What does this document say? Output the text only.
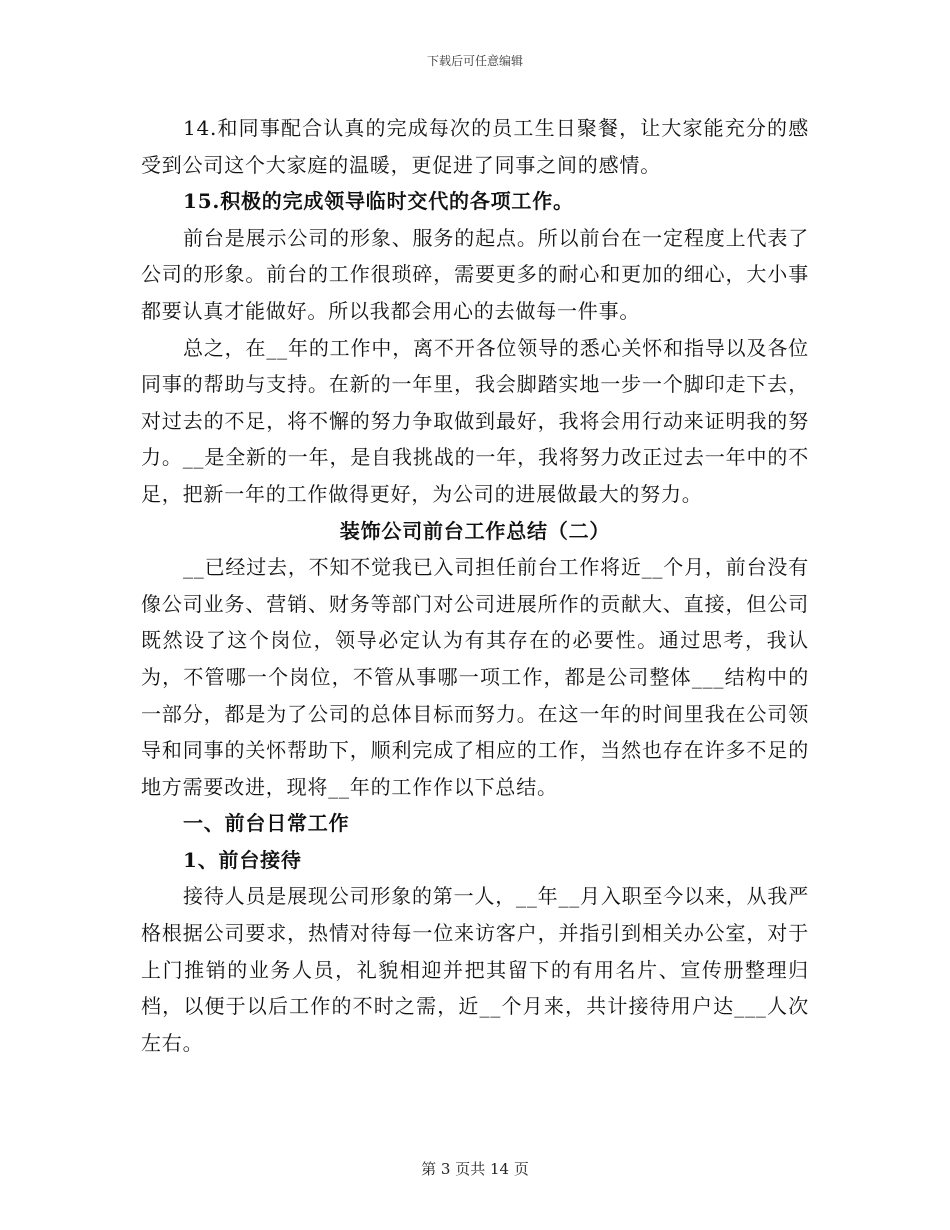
下载后可任意编辑

14.和同事配合认真的完成每次的员工生日聚餐，让大家能充分的感受到公司这个大家庭的温暖，更促进了同事之间的感情。

15.积极的完成领导临时交代的各项工作。

前台是展示公司的形象、服务的起点。所以前台在一定程度上代表了公司的形象。前台的工作很琐碎，需要更多的耐心和更加的细心，大小事都要认真才能做好。所以我都会用心的去做每一件事。

总之，在__年的工作中，离不开各位领导的悉心关怀和指导以及各位同事的帮助与支持。在新的一年里，我会脚踏实地一步一个脚印走下去，对过去的不足，将不懈的努力争取做到最好，我将会用行动来证明我的努力。__是全新的一年，是自我挑战的一年，我将努力改正过去一年中的不足，把新一年的工作做得更好，为公司的进展做最大的努力。

装饰公司前台工作总结（二）

__已经过去，不知不觉我已入司担任前台工作将近__个月，前台没有像公司业务、营销、财务等部门对公司进展所作的贡献大、直接，但公司既然设了这个岗位，领导必定认为有其存在的必要性。通过思考，我认为，不管哪一个岗位，不管从事哪一项工作，都是公司整体___结构中的一部分，都是为了公司的总体目标而努力。在这一年的时间里我在公司领导和同事的关怀帮助下，顺利完成了相应的工作，当然也存在许多不足的地方需要改进，现将__年的工作作以下总结。

一、前台日常工作

1、前台接待

接待人员是展现公司形象的第一人，__年__月入职至今以来，从我严格根据公司要求，热情对待每一位来访客户，并指引到相关办公室，对于上门推销的业务人员，礼貌相迎并把其留下的有用名片、宣传册整理归档，以便于以后工作的不时之需，近__个月来，共计接待用户达___人次左右。

第 3 页共 14 页
